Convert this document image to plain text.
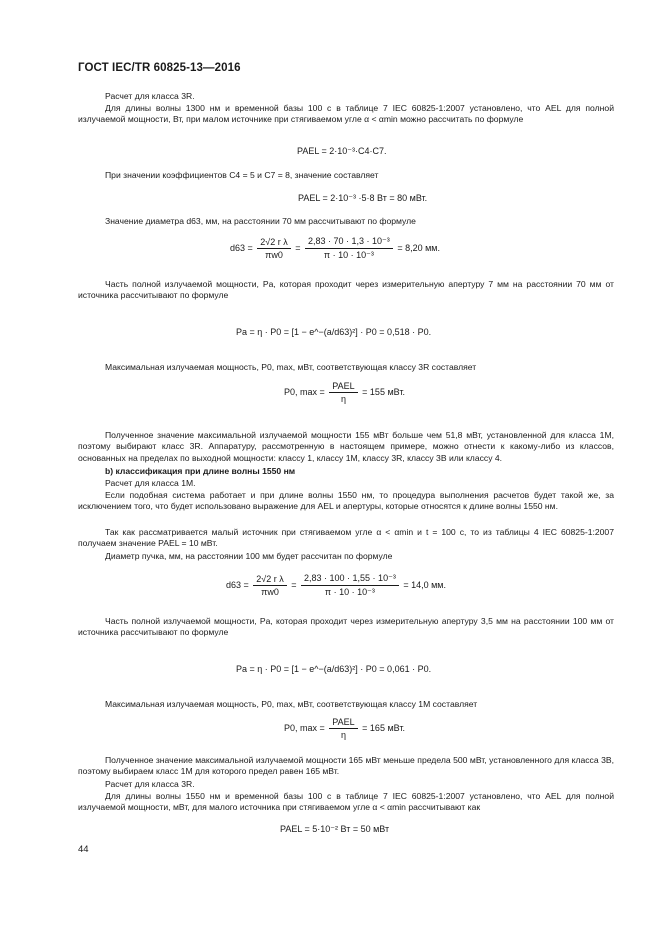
ГОСТ IEC/TR 60825-13—2016
Расчет для класса 3R.
Для длины волны 1300 нм и временной базы 100 с в таблице 7 IEC 60825-1:2007 установлено, что AEL для полной излучаемой мощности, Вт, при малом источнике при стягиваемом угле α < αmin можно рассчитать по формуле
PAEL = 2·10⁻³·C4·C7.
При значении коэффициентов C4 = 5 и C7 = 8, значение составляет
PAEL = 2·10⁻³ ·5·8 Вт = 80 мВт.
Значение диаметра d63, мм, на расстоянии 70 мм рассчитывают по формуле
$d63 = \frac{\text{2√2 r λ}}{\pi w0} = \frac{\text{2,83 · 70 · 1,3 · 10⁻³}}{\text{π · 10 · 10⁻³}} = 8,20$ мм.
Часть полной излучаемой мощности, Pa, которая проходит через измерительную апертуру 7 мм на расстоянии 70 мм от источника рассчитывают по формуле
Pa = η · P0 = [1 − e^−(a/d63)²] · P0 = 0,518 · P0.
Максимальная излучаемая мощность, P0, max, мВт, соответствующая классу 3R составляет
P0, $\max = \frac{\text{PAEL}}{\eta} = 155$ мВт.
Полученное значение максимальной излучаемой мощности 155 мВт больше чем 51,8 мВт, установленной для класса 1М, поэтому выбирают класс 3R. Аппаратуру, рассмотренную в настоящем примере, можно отнести к какому-либо из классов, основанных на пределах по выходной мощности: классу 1, классу 1M, классу 3R, классу 3B или классу 4.
b) классификация при длине волны 1550 нм
Расчет для класса 1М.
Если подобная система работает и при длине волны 1550 нм, то процедура выполнения расчетов будет такой же, за исключением того, что будет использовано выражение для AEL и апертуры, которые относятся к длине волны 1550 нм.
Так как рассматривается малый источник при стягиваемом угле α < αmin и t = 100 с, то из таблицы 4 IEC 60825-1:2007 получаем значение PAEL = 10 мВт.
Диаметр пучка, мм, на расстоянии 100 мм будет рассчитан по формуле
$d63 = \frac{\text{2√2 r λ}}{\pi w0} = \frac{\text{2,83 · 100 · 1,55 · 10⁻³}}{\text{π · 10 · 10⁻³}} = 14,0$ мм.
Часть полной излучаемой мощности, Pa, которая проходит через измерительную апертуру 3,5 мм на расстоянии 100 мм от источника рассчитывают по формуле
Pa = η · P0 = [1 − e^−(a/d63)²] · P0 = 0,061 · P0.
Максимальная излучаемая мощность, P0, max, мВт, соответствующая классу 1M составляет
P0, $\max = \frac{\text{PAEL}}{\eta} = 165$ мВт.
Полученное значение максимальной излучаемой мощности 165 мВт меньше предела 500 мВт, установленного для класса 3B, поэтому выбираем класс 1М для которого предел равен 165 мВт.
Расчет для класса 3R.
Для длины волны 1550 нм и временной базы 100 с в таблице 7 IEC 60825-1:2007 установлено, что AEL для полной излучаемой мощности, мВт, для малого источника при стягиваемом угле α < αmin рассчитывают как
PAEL = 5·10⁻² Вт = 50 мВт
44
